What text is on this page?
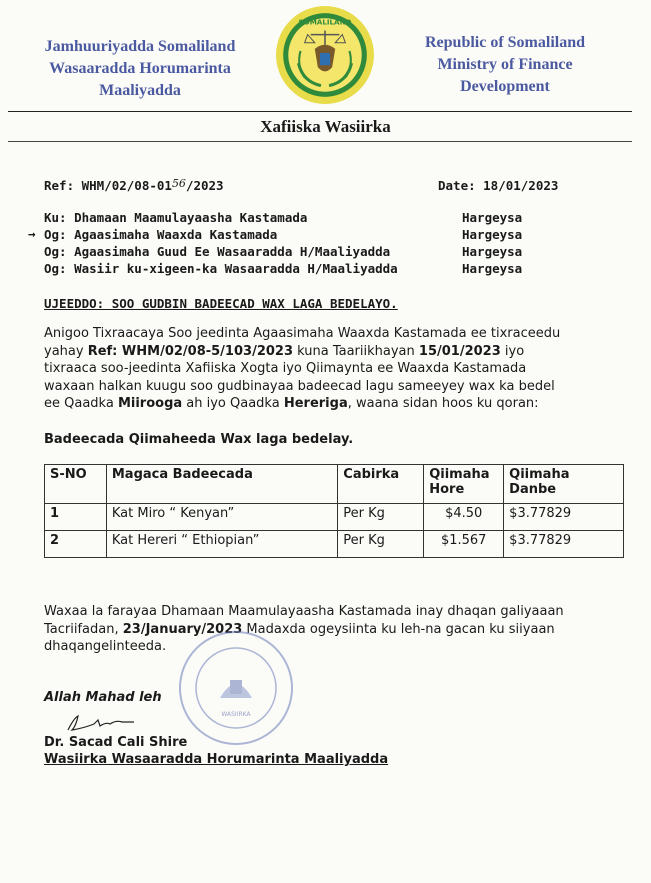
Jamhuuriyadda Somaliland
Wasaaradda Horumarinta
Maaliyadda
SOMALILAND
Republic of Somaliland
Ministry of Finance
Development
Xafiiska Wasiirka
Ref: WHM/02/08-0156/2023	Date: 18/01/2023
Ku: Dhamaan Maamulayaasha Kastamada	Hargeysa
→ Og: Agaasimaha Waaxda Kastamada	Hargeysa
Og: Agaasimaha Guud Ee Wasaaradda H/Maaliyadda	Hargeysa
Og: Wasiir ku-xigeen-ka Wasaaradda H/Maaliyadda	Hargeysa
UJEEDDO: SOO GUDBIN BADEECAD WAX LAGA BEDELAYO.
Anigoo Tixraacaya Soo jeedinta Agaasimaha Waaxda Kastamada ee tixraceedu
yahay Ref: WHM/02/08-5/103/2023 kuna Taariikhayan 15/01/2023 iyo
tixraaca soo-jeedinta Xafiiska Xogta iyo Qiimaynta ee Waaxda Kastamada
waxaan halkan kuugu soo gudbinayaa badeecad lagu sameeyey wax ka bedel
ee Qaadka Miirooga ah iyo Qaadka Hereriga, waana sidan hoos ku qoran:
Badeecada Qiimaheeda Wax laga bedelay.
S-NO	Magaca Badeecada	Cabirka	Qiimaha Hore	Qiimaha Danbe
1	Kat Miro “ Kenyan”	Per Kg	$4.50	$3.77829
2	Kat Hereri “ Ethiopian”	Per Kg	$1.567	$3.77829
Waxaa la farayaa Dhamaan Maamulayaasha Kastamada inay dhaqan galiyaaan
Tacriifadan, 23/January/2023 Madaxda ogeysiinta ku leh-na gacan ku siiyaan
dhaqangelinteeda.
WASIIRKA
Allah Mahad leh
Dr. Sacad Cali Shire
Wasiirka Wasaaradda Horumarinta Maaliyadda
